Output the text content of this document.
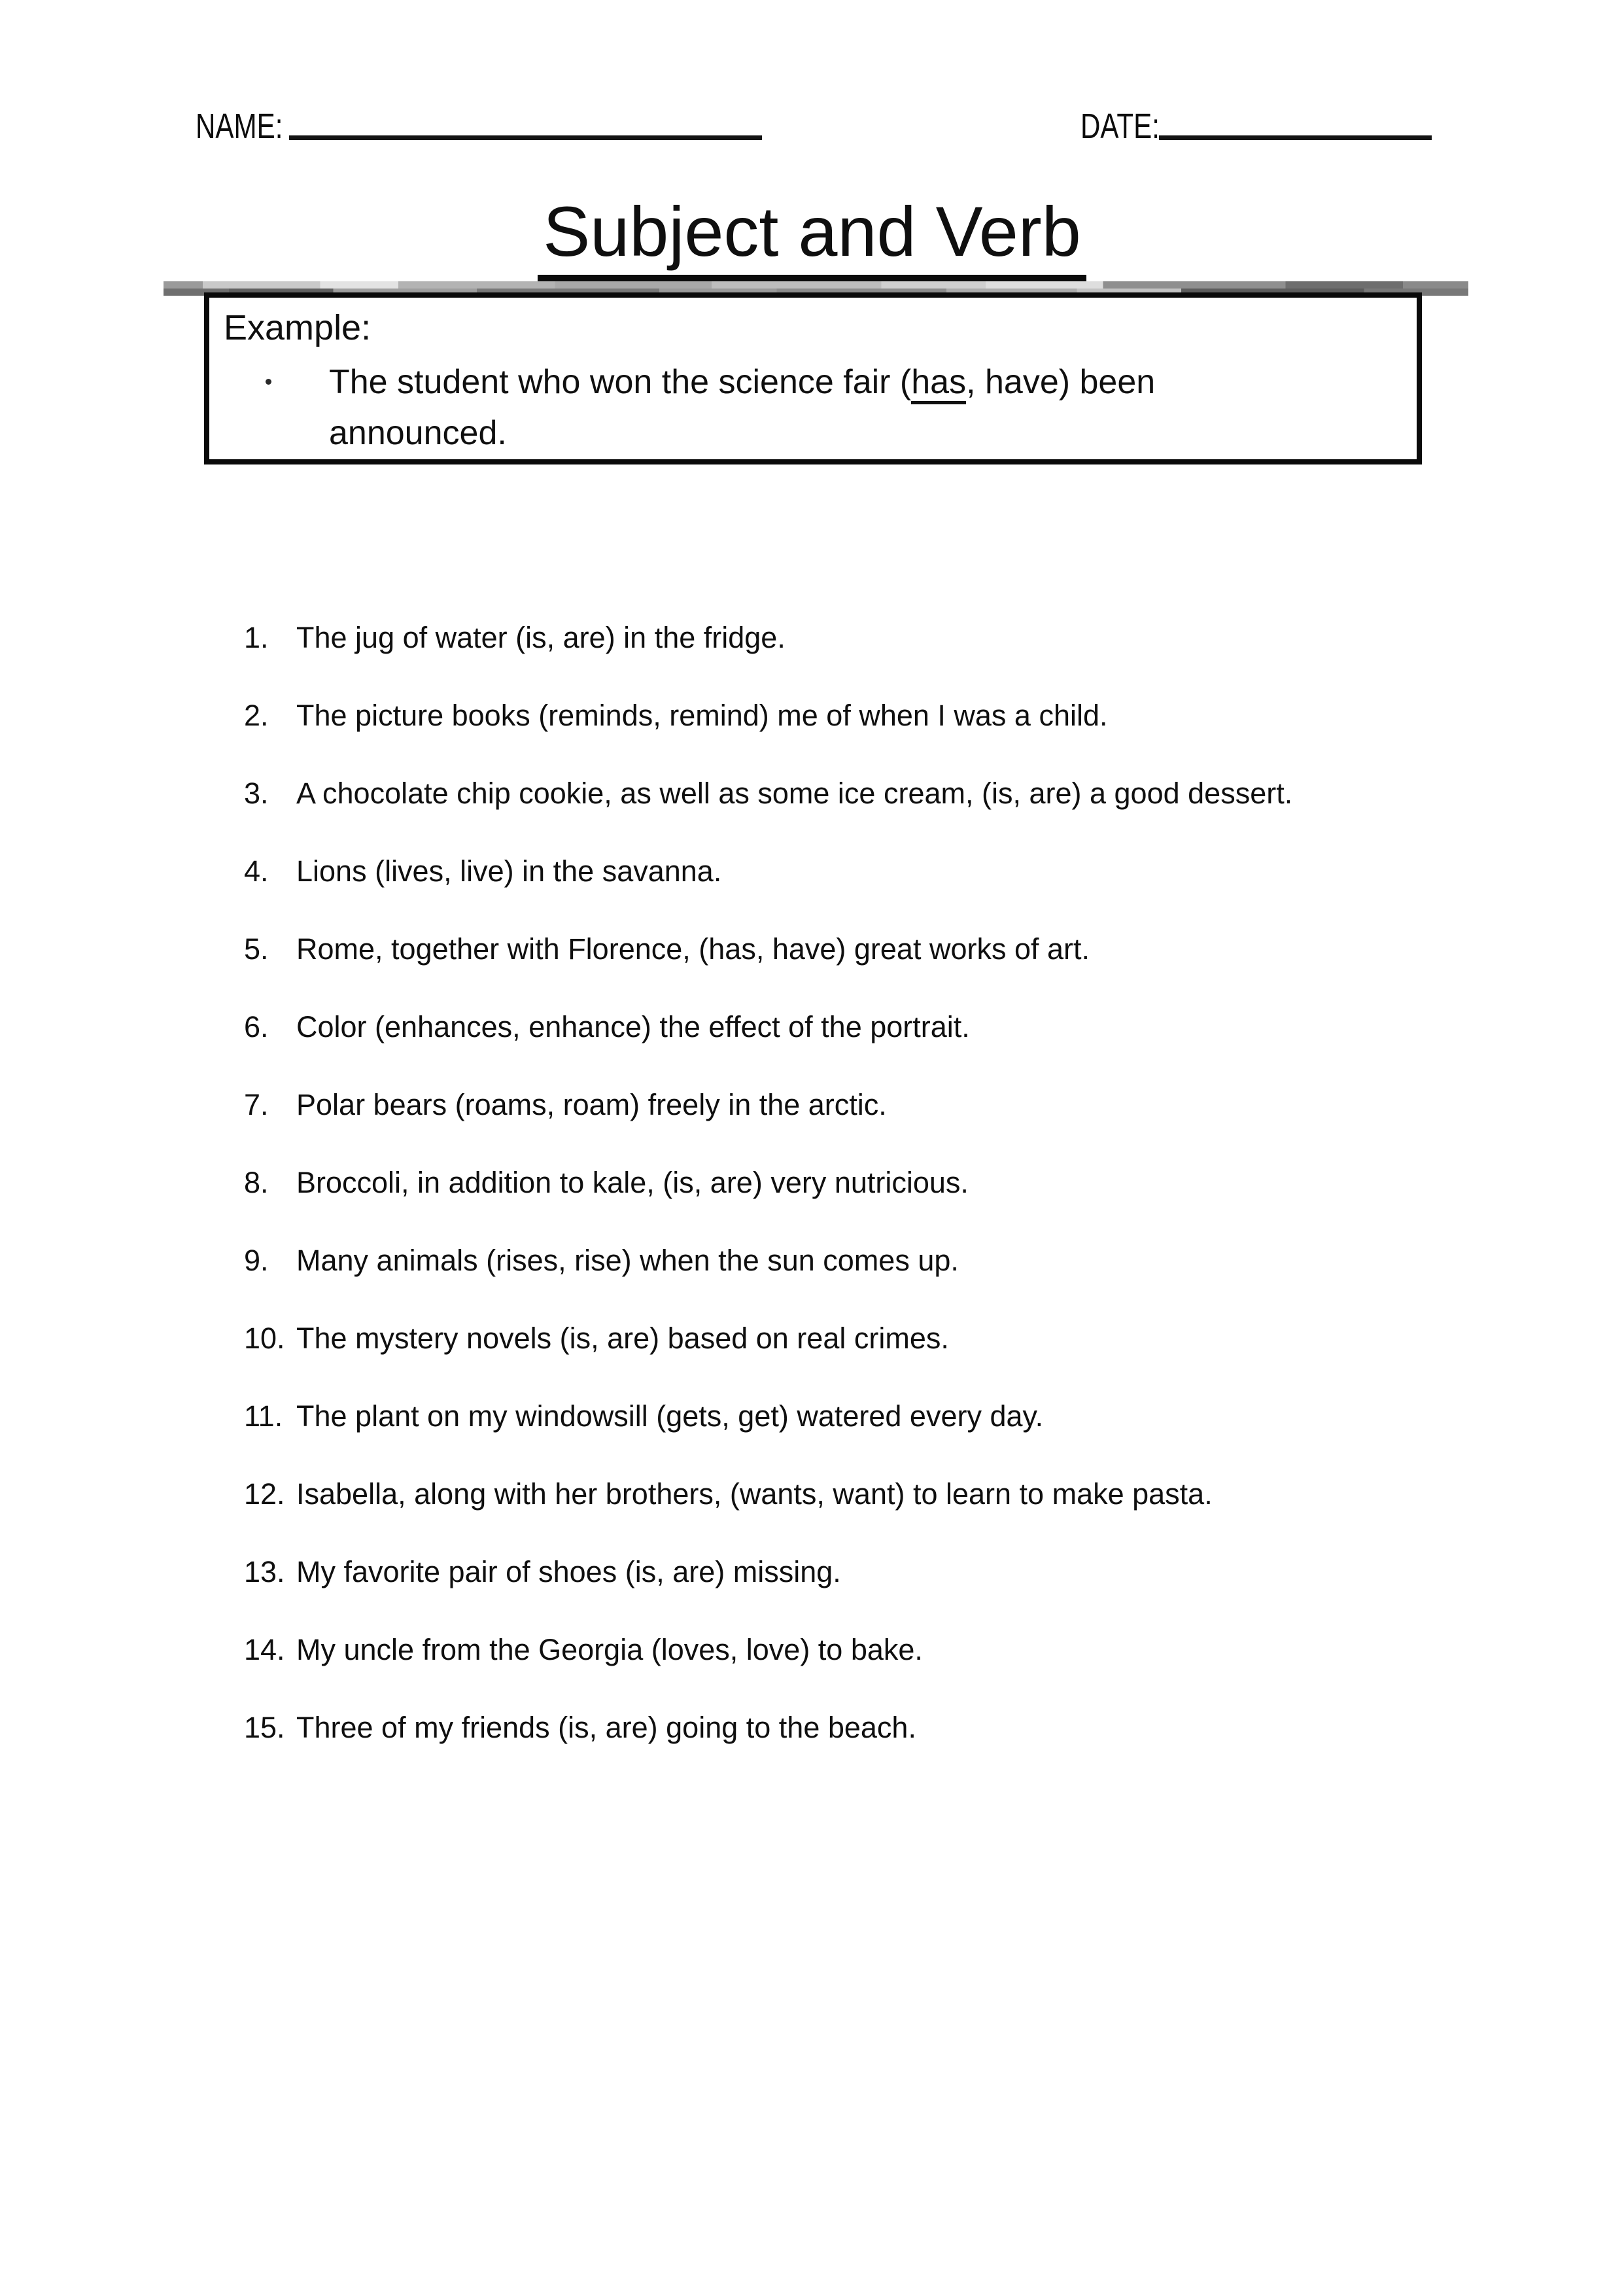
NAME:	DATE:
Subject and Verb
Example:
The student who won the science fair (has, have) been announced.
1. The jug of water (is, are) in the fridge.
2. The picture books (reminds, remind) me of when I was a child.
3. A chocolate chip cookie, as well as some ice cream, (is, are) a good dessert.
4. Lions (lives, live) in the savanna.
5. Rome, together with Florence, (has, have) great works of art.
6. Color (enhances, enhance) the effect of the portrait.
7. Polar bears (roams, roam) freely in the arctic.
8. Broccoli, in addition to kale, (is, are) very nutricious.
9. Many animals (rises, rise) when the sun comes up.
10. The mystery novels (is, are) based on real crimes.
11. The plant on my windowsill (gets, get) watered every day.
12. Isabella, along with her brothers, (wants, want) to learn to make pasta.
13. My favorite pair of shoes (is, are) missing.
14. My uncle from the Georgia (loves, love) to bake.
15. Three of my friends (is, are) going to the beach.
